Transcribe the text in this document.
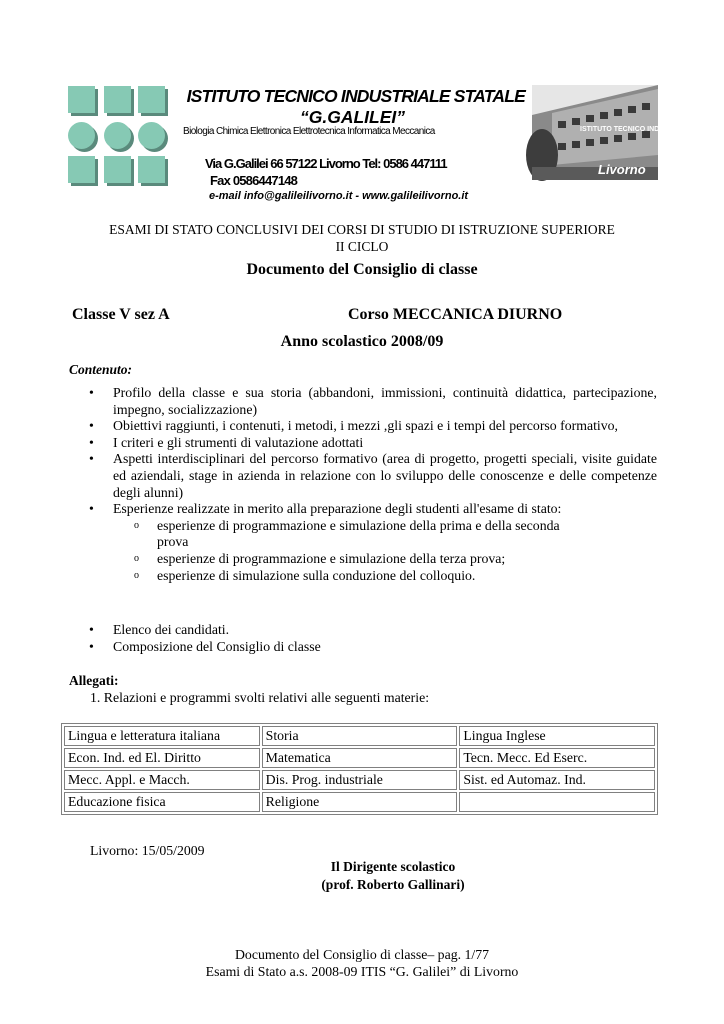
ISTITUTO TECNICO INDUSTRIALE STATALE
“G.GALILEI”
Biologia Chimica Elettronica Elettrotecnica Informatica Meccanica
Via G.Galilei 66 57122 Livorno Tel: 0586 447111
Fax 0586447148
e-mail info@galileilivorno.it - www.galileilivorno.it
ISTITUTO TECNICO INDUSTR
Livorno
ESAMI DI STATO CONCLUSIVI DEI CORSI DI STUDIO DI ISTRUZIONE SUPERIORE
II CICLO
Documento del Consiglio di classe
Classe V sez A	Corso MECCANICA DIURNO
Anno scolastico 2008/09
Contenuto:
• Profilo della classe e sua storia (abbandoni, immissioni, continuità didattica, partecipazione, impegno, socializzazione)
• Obiettivi raggiunti, i contenuti, i metodi, i mezzi ,gli spazi e i tempi del percorso formativo,
• I criteri e gli strumenti di valutazione adottati
• Aspetti interdisciplinari del percorso formativo (area di progetto, progetti speciali, visite guidate ed aziendali, stage in azienda in relazione con lo sviluppo delle conoscenze e delle competenze degli alunni)
• Esperienze realizzate in merito alla preparazione degli studenti all'esame di stato:
o esperienze di programmazione e simulazione della prima e della seconda prova
o esperienze di programmazione e simulazione della terza prova;
o esperienze di simulazione sulla conduzione del colloquio.
• Elenco dei candidati.
• Composizione del Consiglio di classe
Allegati:
1. Relazioni e programmi svolti relativi alle seguenti materie:
Lingua e letteratura italiana	Storia	Lingua Inglese
Econ. Ind. ed El. Diritto	Matematica	Tecn. Mecc. Ed Eserc.
Mecc. Appl. e Macch.	Dis. Prog. industriale	Sist. ed Automaz. Ind.
Educazione fisica	Religione	
Livorno: 15/05/2009
Il Dirigente scolastico
(prof. Roberto Gallinari)
Documento del Consiglio di classe– pag. 1/77
Esami di Stato a.s. 2008-09 ITIS “G. Galilei” di Livorno
